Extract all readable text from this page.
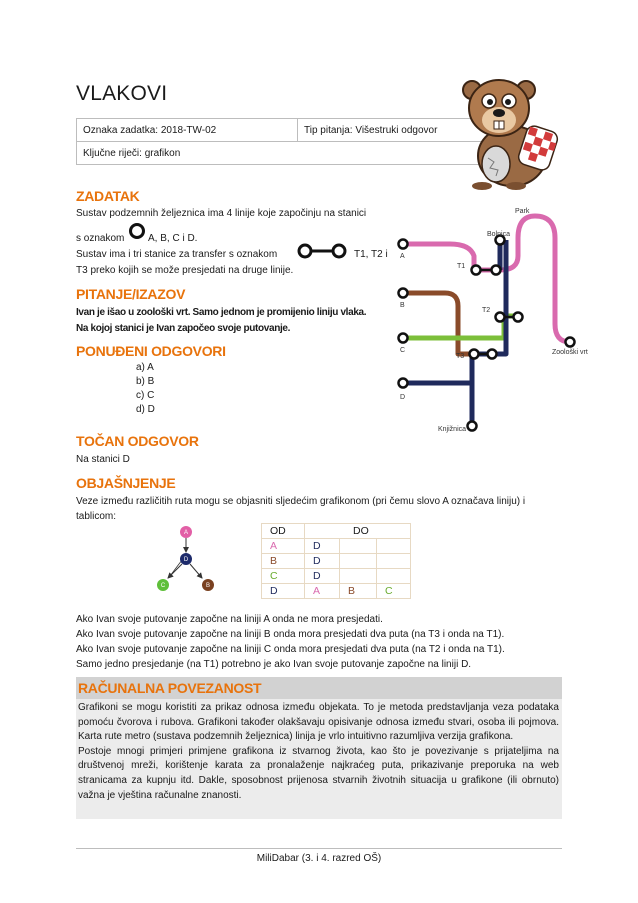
VLAKOVI
Oznaka zadatka: 2018-TW-02	Tip pitanja: Višestruki odgovor
Ključne riječi: grafikon
ZADATAK
Sustav podzemnih željeznica ima 4 linije koje započinju na stanici
s oznakom A, B, C i D.
Sustav ima i tri stanice za transfer s oznakom	T1, T2 i
T3 preko kojih se može presjedati na druge linije.
PITANJE/IZAZOV
Ivan je išao u zoološki vrt. Samo jednom je promijenio liniju vlaka.
Na kojoj stanici je Ivan započeo svoje putovanje.
Park
Bolnica
T1
T2
T3
A
B
C
D
Zoološki vrt
Knjižnica
PONUĐENI ODGOVORI
a) A
b) B
c) C
d) D
TOČAN ODGOVOR
Na stanici D
OBJAŠNJENJE
Veze između različitih ruta mogu se objasniti sljedećim grafikonom (pri čemu slovo A označava liniju) i
tablicom:
A
D
C	B
OD	DO		
A	D		
B	D		
C	D		
D	A	B	C
Ako Ivan svoje putovanje započne na liniji A onda ne mora presjedati.
Ako Ivan svoje putovanje započne na liniji B onda mora presjedati dva puta (na T3 i onda na T1).
Ako Ivan svoje putovanje započne na liniji C onda mora presjedati dva puta (na T2 i onda na T1).
Samo jedno presjedanje (na T1) potrebno je ako Ivan svoje putovanje započne na liniji D.
RAČUNALNA POVEZANOST
Grafikoni se mogu koristiti za prikaz odnosa između objekata. To je metoda predstavljanja veza podataka pomoću čvorova i rubova. Grafikoni također olakšavaju opisivanje odnosa između stvari, osoba ili pojmova. Karta rute metro (sustava podzemnih željeznica) linija je vrlo intuitivno razumljiva verzija grafikona.
Postoje mnogi primjeri primjene grafikona iz stvarnog života, kao što je povezivanje s prijateljima na društvenoj mreži, korištenje karata za pronalaženje najkraćeg puta, prikazivanje preporuka na web stranicama za kupnju itd. Dakle, sposobnost prijenosa stvarnih životnih situacija u grafikone (ili obrnuto) važna je vještina računalne znanosti.
MiliDabar (3. i 4. razred OŠ)
